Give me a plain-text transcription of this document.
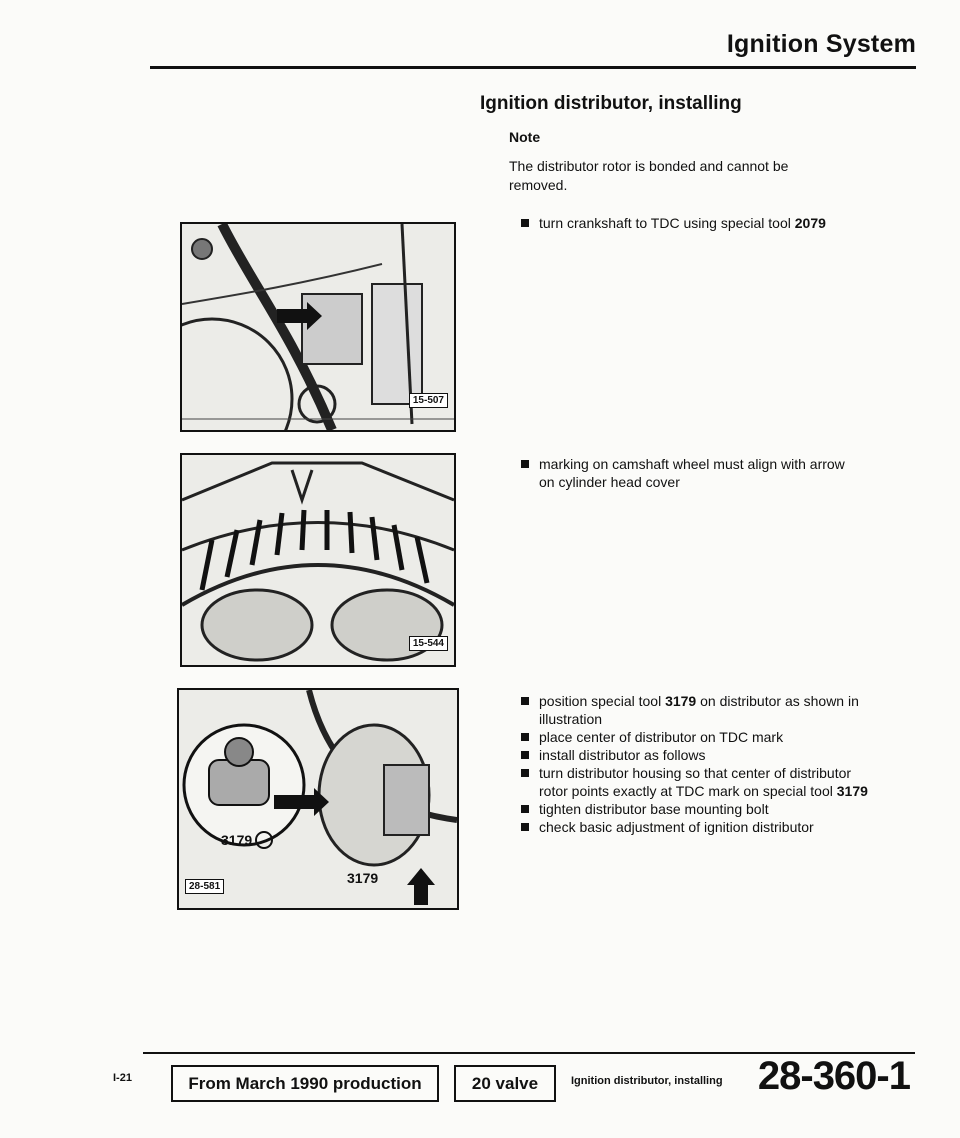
Ignition System
Ignition distributor, installing
Note
The distributor rotor is bonded and cannot be removed.
turn crankshaft to TDC using special tool 2079
marking on camshaft wheel must align with arrow on cylinder head cover
position special tool 3179 on distributor as shown in illustration
place center of distributor on TDC mark
install distributor as follows
turn distributor housing so that center of distributor rotor points exactly at TDC mark on special tool 3179
tighten distributor base mounting bolt
check basic adjustment of ignition distributor
15-507
15-544
3179
3179
28-581
I-21	From March 1990 production	20 valve	Ignition distributor, installing 28-360-1
